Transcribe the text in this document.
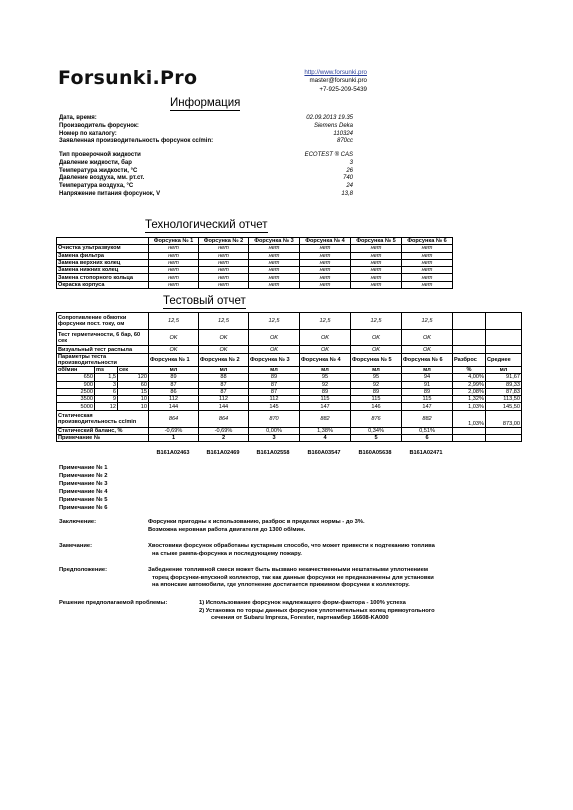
Forsunki.Pro	http://www.forsunki.pro
master@forsunki.pro
+7-925-209-5439
Информация
Дата, время:	02.09.2013 19.35
Производитель форсунок:	Siemens Deka
Номер по каталогу:	110324
Заявленная производительность форсунок cc/min:	870cc
Тип проверочной жидкости	ECOTEST ® CAS
Давление жидкости, бар	3
Температура жидкости, °C	26
Давление воздуха, мм. рт.ст.	740
Температура воздуха, °C	24
Напряжение питания форсунок, V	13,8
Технологический отчет
	Форсунка № 1	Форсунка № 2	Форсунка № 3	Форсунка № 4	Форсунка № 5	Форсунка № 6
Очистка ультразвуком	нет	нет	нет	нет	нет	нет
Замена фильтра	нет	нет	нет	нет	нет	нет
Замена верхних колец	нет	нет	нет	нет	нет	нет
Замена нижних колец	нет	нет	нет	нет	нет	нет
Замена стопорного кольца	нет	нет	нет	нет	нет	нет
Окраска корпуса	нет	нет	нет	нет	нет	нет
Тестовый отчет
Сопротивление обмотки форсунки пост. току, ом			12,5	12,5	12,5	12,5	12,5	12,5		
Тест герметичности, 6 бар, 60 сек			OK	OK	OK	OK	OK	OK		
Визуальный тест распыла			OK	OK	OK	OK	OK	OK		
Параметры теста производительности			Форсунка № 1	Форсунка № 2	Форсунка № 3	Форсунка № 4	Форсунка № 5	Форсунка № 6	Разброс	Среднее
об/мин	ms	сек	мл	мл	мл	мл	мл	мл	%	мл
650	1,5	120	89	88	89	95	95	94	4,00%	91,67
900	3	60	87	87	87	92	92	91	2,99%	89,33
2500	6	15	86	87	87	89	89	89	2,08%	87,83
3500	9	10	112	112	112	115	115	115	1,32%	113,50
5000	12	10	144	144	145	147	146	147	1,03%	145,50
Статическая производительность cc/min			864	864	870	882	876	882	1,03%	873,00
Статический баланс, %			-0,69%	-0,69%	0,00%	1,38%	0,34%	0,51%		
Примечание №			1	2	3	4	5	6		
B161A02463	B161A02469	B161A02558	B160A03547	B160A05638	B161A02471
Примечание № 1
Примечание № 2
Примечание № 3
Примечание № 4
Примечание № 5
Примечание № 6
Заключение:	Форсунки пригодны к использованию, разброс в пределах нормы - до 3%.
Возможна неровная работа двигателя до 1300 об/мин.
Замечание:	Хвостовики форсунок обработаны кустарным способо, что может привести к подтеканию топлива
на стыке рампа-форсунка и последующему пожару.
Предположение:	Забеднение топливной смеси может быть вызвано некачественными нештатными уплотнением
торец форсунки-впускной коллектор, так как данные форсунки не предназначены для установки
на японские автомобили, где уплотнение достигается прижимом форсунки к коллектору.
Решение предполагаемой проблемы:	1) Использование форсунок надлежащего форм-фактора - 100% успеха
2) Установка по торцы данных форсунок уплотнительных колец прямоугольного
сечения от Subaru Impreza, Forester, партнамбер 16608-KA000
